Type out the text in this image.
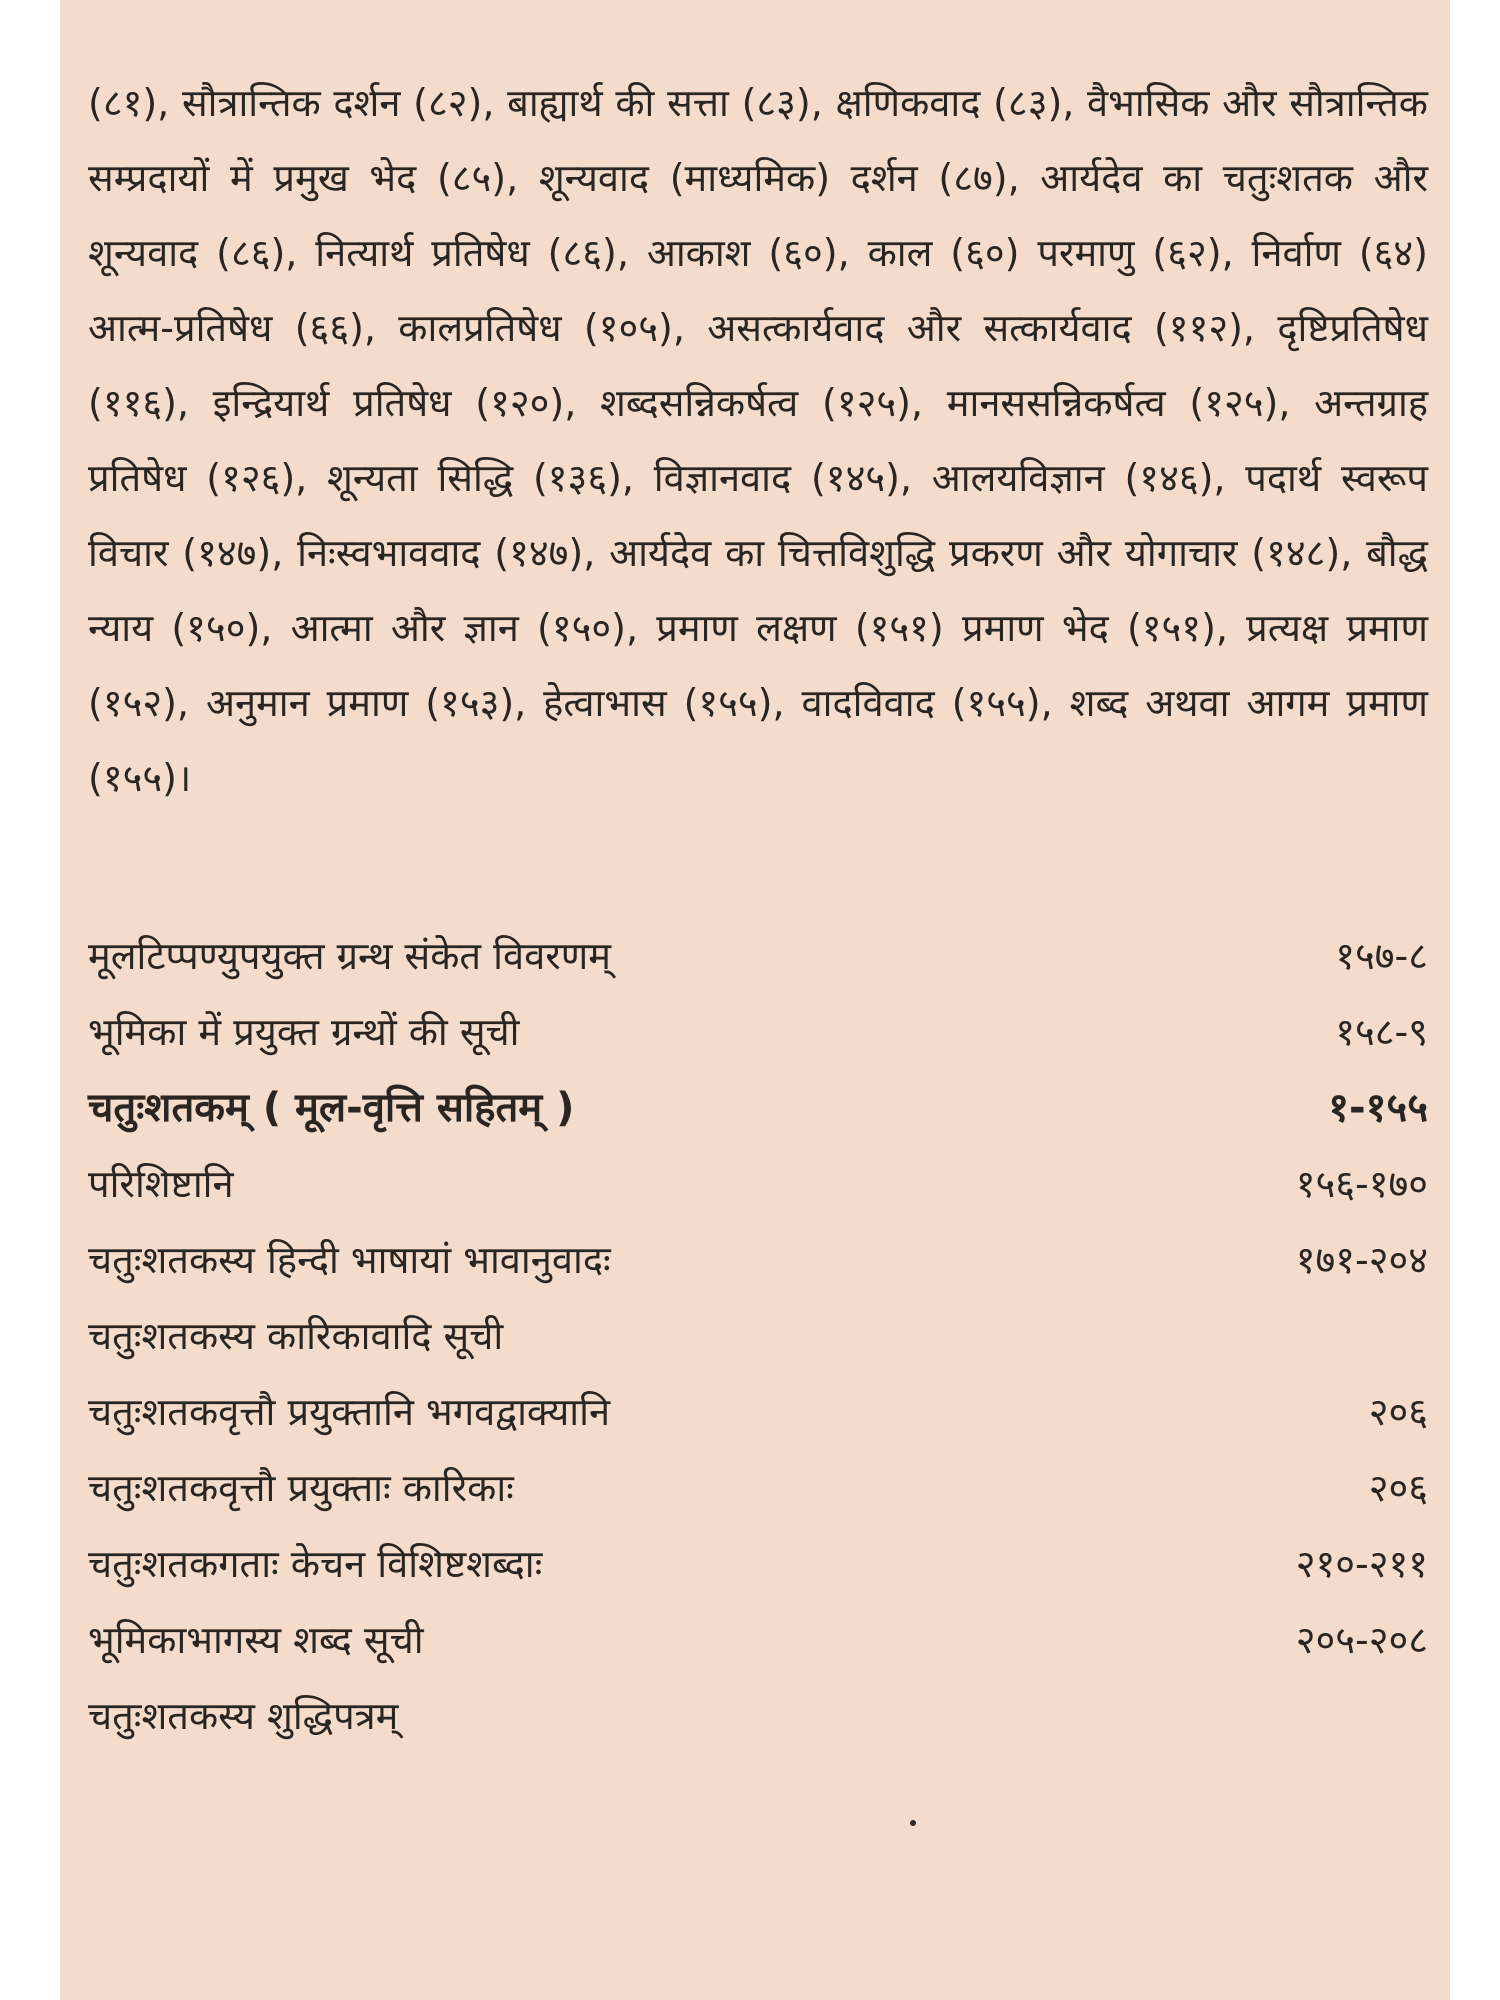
(८१), सौत्रान्तिक दर्शन (८२), बाह्यार्थ की सत्ता (८३), क्षणिकवाद (८३), वैभासिक और सौत्रान्तिक सम्प्रदायों में प्रमुख भेद (८५), शून्यवाद (माध्यमिक) दर्शन (८७), आर्यदेव का चतुःशतक और शून्यवाद (८६), नित्यार्थ प्रतिषेध (८६), आकाश (६०), काल (६०) परमाणु (६२), निर्वाण (६४) आत्म-प्रतिषेध (६६), कालप्रतिषेध (१०५), असत्कार्यवाद और सत्कार्यवाद (११२), दृष्टिप्रतिषेध (११६), इन्द्रियार्थ प्रतिषेध (१२०), शब्दसन्निकर्षत्व (१२५), मानससन्निकर्षत्व (१२५), अन्तग्राह प्रतिषेध (१२६), शून्यता सिद्धि (१३६), विज्ञानवाद (१४५), आलयविज्ञान (१४६), पदार्थ स्वरूप विचार (१४७), निःस्वभाववाद (१४७), आर्यदेव का चित्तविशुद्धि प्रकरण और योगाचार (१४८), बौद्ध न्याय (१५०), आत्मा और ज्ञान (१५०), प्रमाण लक्षण (१५१) प्रमाण भेद (१५१), प्रत्यक्ष प्रमाण (१५२), अनुमान प्रमाण (१५३), हेत्वाभास (१५५), वादविवाद (१५५), शब्द अथवा आगम प्रमाण (१५५)।

मूलटिप्पण्युपयुक्त ग्रन्थ संकेत विवरणम्	१५७-८
भूमिका में प्रयुक्त ग्रन्थों की सूची	१५८-९
चतुःशतकम् ( मूल-वृत्ति सहितम् )	१-१५५
परिशिष्टानि	१५६-१७०
चतुःशतकस्य हिन्दी भाषायां भावानुवादः	१७१-२०४
चतुःशतकस्य कारिकावादि सूची
चतुःशतकवृत्तौ प्रयुक्तानि भगवद्वाक्यानि	२०६
चतुःशतकवृत्तौ प्रयुक्ताः कारिकाः	२०६
चतुःशतकगताः केचन विशिष्टशब्दाः	२१०-२११
भूमिकाभागस्य शब्द सूची	२०५-२०८
चतुःशतकस्य शुद्धिपत्रम्
